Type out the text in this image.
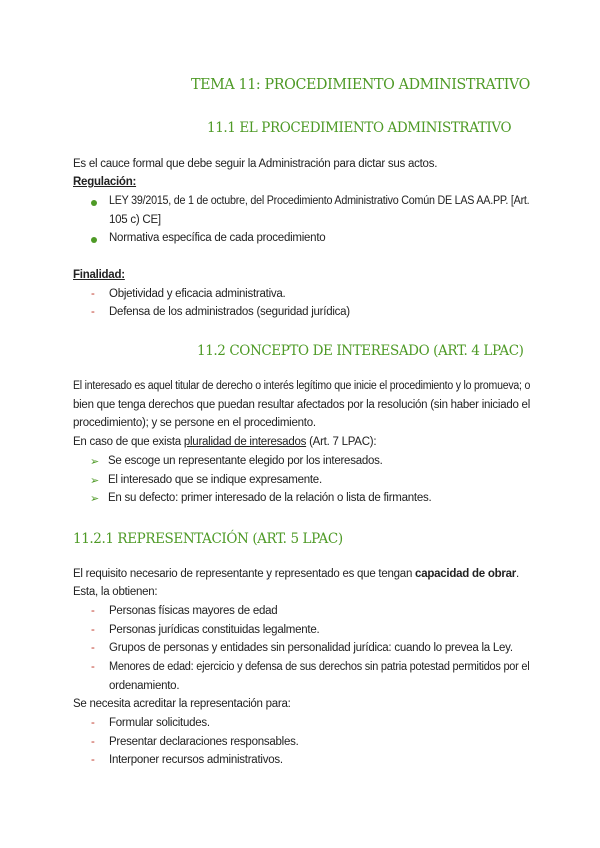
TEMA 11: PROCEDIMIENTO ADMINISTRATIVO
11.1 EL PROCEDIMIENTO ADMINISTRATIVO
Es el cauce formal que debe seguir la Administración para dictar sus actos.
Regulación:
LEY 39/2015, de 1 de octubre, del Procedimiento Administrativo Común DE LAS AA.PP. [Art.
105 c) CE]
Normativa específica de cada procedimiento
Finalidad:
- Objetividad y eficacia administrativa.
- Defensa de los administrados (seguridad jurídica)
11.2 CONCEPTO DE INTERESADO (ART. 4 LPAC)
El interesado es aquel titular de derecho o interés legítimo que inicie el procedimiento y lo promueva; o
bien que tenga derechos que puedan resultar afectados por la resolución (sin haber iniciado el
procedimiento); y se persone en el procedimiento.
En caso de que exista pluralidad de interesados (Art. 7 LPAC):
➢ Se escoge un representante elegido por los interesados.
➢ El interesado que se indique expresamente.
➢ En su defecto: primer interesado de la relación o lista de firmantes.
11.2.1 REPRESENTACIÓN (ART. 5 LPAC)
El requisito necesario de representante y representado es que tengan capacidad de obrar.
Esta, la obtienen:
- Personas físicas mayores de edad
- Personas jurídicas constituidas legalmente.
- Grupos de personas y entidades sin personalidad jurídica: cuando lo prevea la Ley.
- Menores de edad: ejercicio y defensa de sus derechos sin patria potestad permitidos por el
ordenamiento.
Se necesita acreditar la representación para:
- Formular solicitudes.
- Presentar declaraciones responsables.
- Interponer recursos administrativos.
